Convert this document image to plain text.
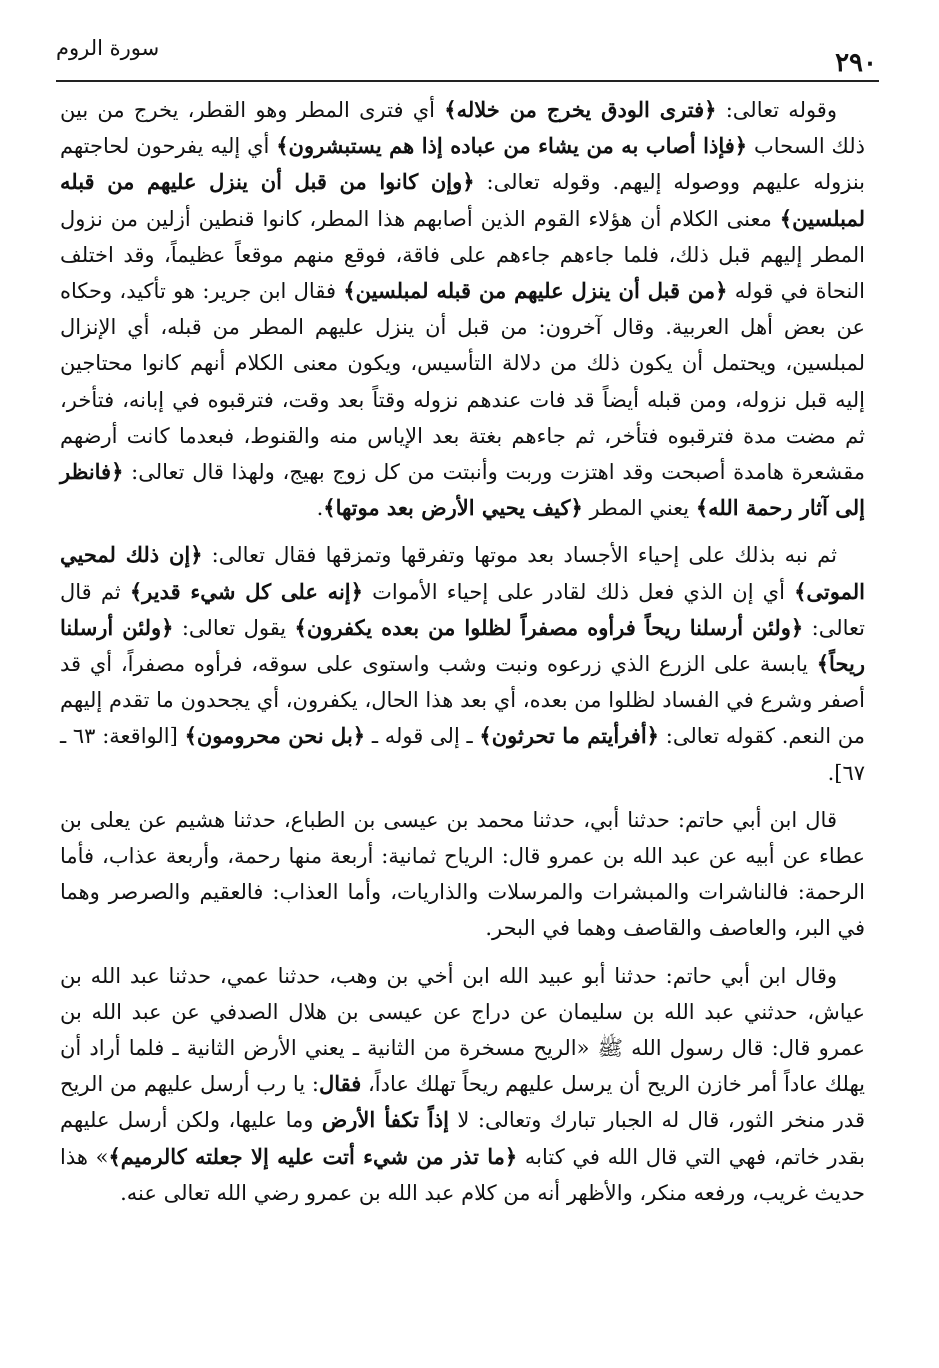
سورة الروم	٢٩٠

وقوله تعالى: ﴿فترى الودق يخرج من خلاله﴾ أي فترى المطر وهو القطر، يخرج من بين ذلك السحاب ﴿فإذا أصاب به من يشاء من عباده إذا هم يستبشرون﴾ أي إليه يفرحون لحاجتهم بنزوله عليهم ووصوله إليهم. وقوله تعالى: ﴿وإن كانوا من قبل أن ينزل عليهم من قبله لمبلسين﴾ معنى الكلام أن هؤلاء القوم الذين أصابهم هذا المطر، كانوا قنطين أزلين من نزول المطر إليهم قبل ذلك، فلما جاءهم جاءهم على فاقة، فوقع منهم موقعاً عظيماً، وقد اختلف النحاة في قوله ﴿من قبل أن ينزل عليهم من قبله لمبلسين﴾ فقال ابن جرير: هو تأكيد، وحكاه عن بعض أهل العربية. وقال آخرون: من قبل أن ينزل عليهم المطر من قبله، أي الإنزال لمبلسين، ويحتمل أن يكون ذلك من دلالة التأسيس، ويكون معنى الكلام أنهم كانوا محتاجين إليه قبل نزوله، ومن قبله أيضاً قد فات عندهم نزوله وقتاً بعد وقت، فترقبوه في إبانه، فتأخر، ثم مضت مدة فترقبوه فتأخر، ثم جاءهم بغتة بعد الإياس منه والقنوط، فبعدما كانت أرضهم مقشعرة هامدة أصبحت وقد اهتزت وربت وأنبتت من كل زوج بهيج، ولهذا قال تعالى: ﴿فانظر إلى آثار رحمة الله﴾ يعني المطر ﴿كيف يحيي الأرض بعد موتها﴾.

ثم نبه بذلك على إحياء الأجساد بعد موتها وتفرقها وتمزقها فقال تعالى: ﴿إن ذلك لمحيي الموتى﴾ أي إن الذي فعل ذلك لقادر على إحياء الأموات ﴿إنه على كل شيء قدير﴾ ثم قال تعالى: ﴿ولئن أرسلنا ريحاً فرأوه مصفراً لظلوا من بعده يكفرون﴾ يقول تعالى: ﴿ولئن أرسلنا ريحاً﴾ يابسة على الزرع الذي زرعوه ونبت وشب واستوى على سوقه، فرأوه مصفراً، أي قد أصفر وشرع في الفساد لظلوا من بعده، أي بعد هذا الحال، يكفرون، أي يجحدون ما تقدم إليهم من النعم. كقوله تعالى: ﴿أفرأيتم ما تحرثون﴾ ـ إلى قوله ـ ﴿بل نحن محرومون﴾ [الواقعة: ٦٣ ـ ٦٧].

قال ابن أبي حاتم: حدثنا أبي، حدثنا محمد بن عيسى بن الطباع، حدثنا هشيم عن يعلى بن عطاء عن أبيه عن عبد الله بن عمرو قال: الرياح ثمانية: أربعة منها رحمة، وأربعة عذاب، فأما الرحمة: فالناشرات والمبشرات والمرسلات والذاريات، وأما العذاب: فالعقيم والصرصر وهما في البر، والعاصف والقاصف وهما في البحر.

وقال ابن أبي حاتم: حدثنا أبو عبيد الله ابن أخي بن وهب، حدثنا عمي، حدثنا عبد الله بن عياش، حدثني عبد الله بن سليمان عن دراج عن عيسى بن هلال الصدفي عن عبد الله بن عمرو قال: قال رسول الله ﷺ «الريح مسخرة من الثانية ـ يعني الأرض الثانية ـ فلما أراد أن يهلك عاداً أمر خازن الريح أن يرسل عليهم ريحاً تهلك عاداً، فقال: يا رب أرسل عليهم من الريح قدر منخر الثور، قال له الجبار تبارك وتعالى: لا إذاً تكفأ الأرض وما عليها، ولكن أرسل عليهم بقدر خاتم، فهي التي قال الله في كتابه ﴿ما تذر من شيء أتت عليه إلا جعلته كالرميم﴾» هذا حديث غريب، ورفعه منكر، والأظهر أنه من كلام عبد الله بن عمرو رضي الله تعالى عنه.
